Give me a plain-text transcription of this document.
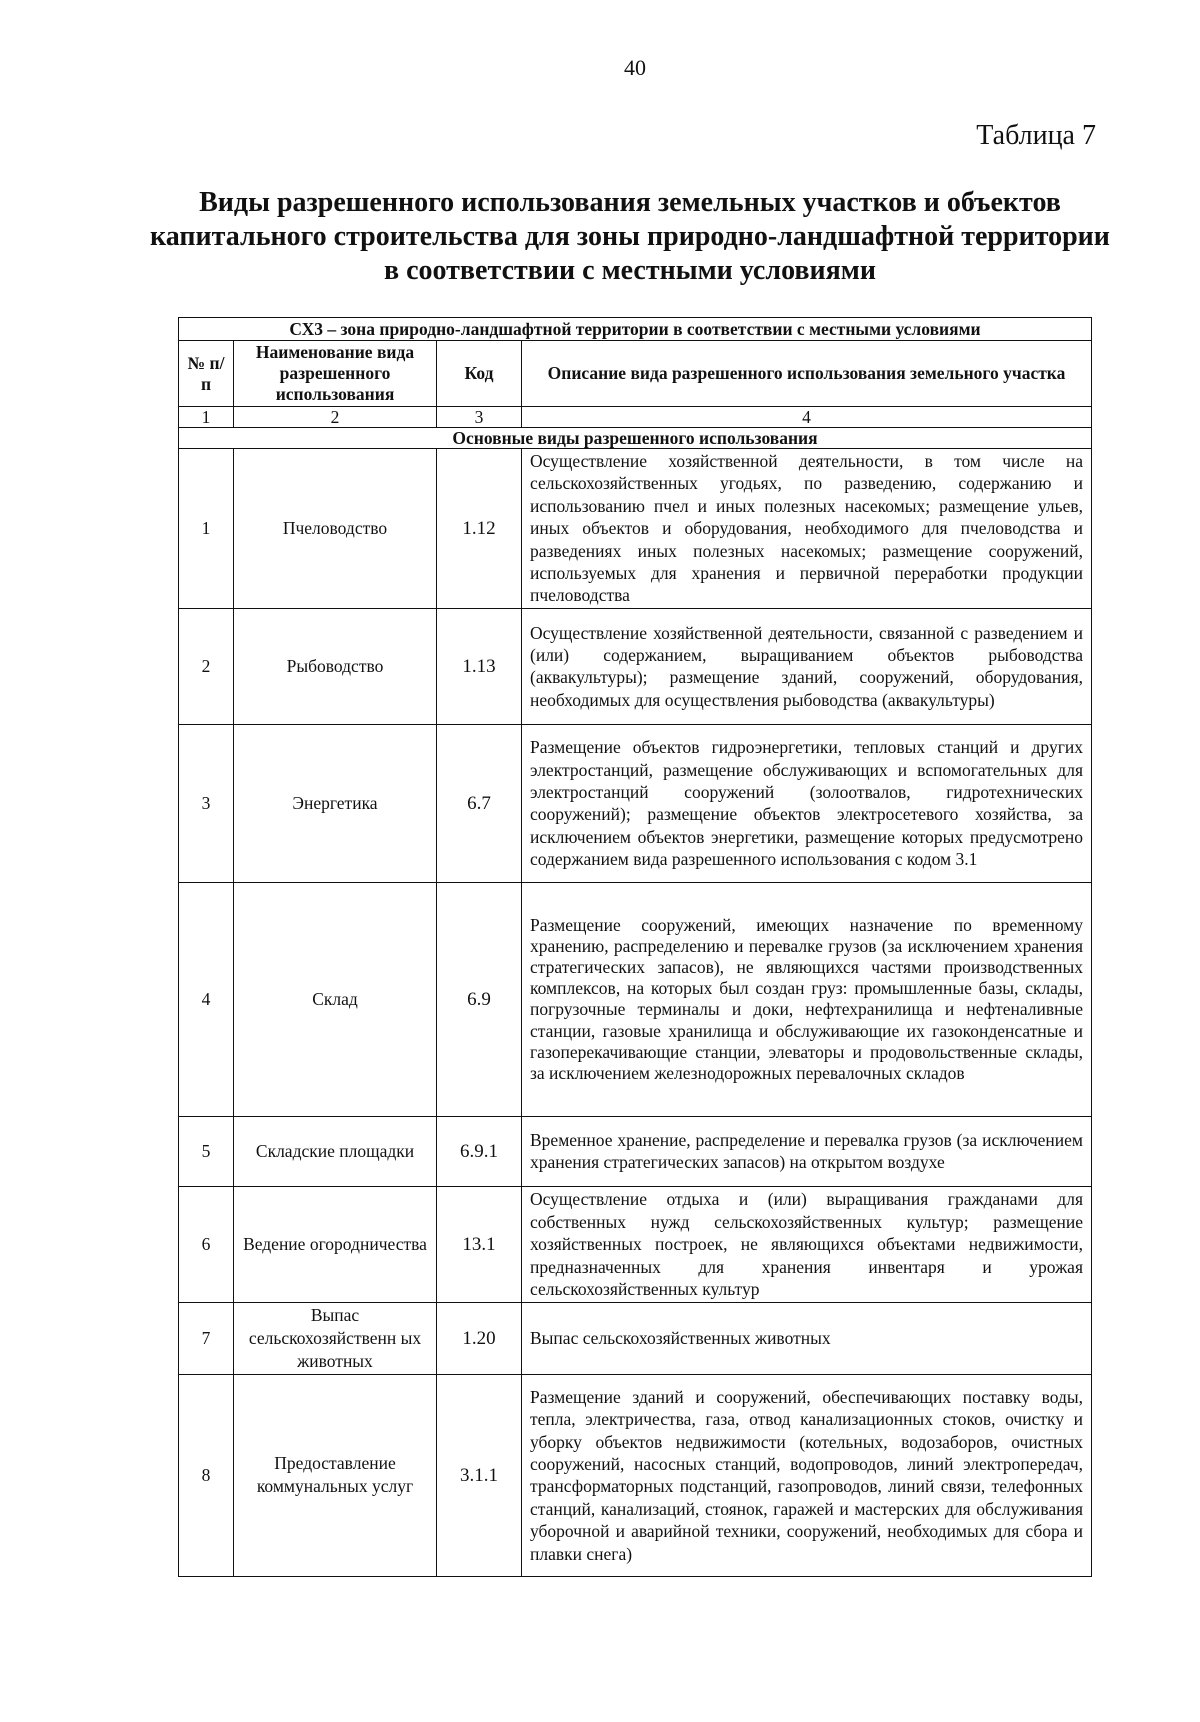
40
Таблица 7
Виды разрешенного использования земельных участков и объектов капитального строительства для зоны природно-ландшафтной территории в соответствии с местными условиями
СХ3 – зона природно-ландшафтной территории в соответствии с местными условиями			
№ п/п	Наименование вида разрешенного использования	Код	Описание вида разрешенного использования земельного участка
1	2	3	4
Основные виды разрешенного использования			
1	Пчеловодство	1.12	Осуществление хозяйственной деятельности, в том числе на сельскохозяйственных угодьях, по разведению, содержанию и использованию пчел и иных полезных насекомых; размещение ульев, иных объектов и оборудования, необходимого для пчеловодства и разведениях иных полезных насекомых; размещение сооружений, используемых для хранения и первичной переработки продукции пчеловодства
2	Рыбоводство	1.13	Осуществление хозяйственной деятельности, связанной с разведением и (или) содержанием, выращиванием объектов рыбоводства (аквакультуры); размещение зданий, сооружений, оборудования, необходимых для осуществления рыбоводства (аквакультуры)
3	Энергетика	6.7	Размещение объектов гидроэнергетики, тепловых станций и других электростанций, размещение обслуживающих и вспомогательных для электростанций сооружений (золоотвалов, гидротехнических сооружений); размещение объектов электросетевого хозяйства, за исключением объектов энергетики, размещение которых предусмотрено содержанием вида разрешенного использования с кодом 3.1
4	Склад	6.9	Размещение сооружений, имеющих назначение по временному хранению, распределению и перевалке грузов (за исключением хранения стратегических запасов), не являющихся частями производственных комплексов, на которых был создан груз: промышленные базы, склады, погрузочные терминалы и доки, нефтехранилища и нефтеналивные станции, газовые хранилища и обслуживающие их газоконденсатные и газоперекачивающие станции, элеваторы и продовольственные склады, за исключением железнодорожных перевалочных складов
5	Складские площадки	6.9.1	Временное хранение, распределение и перевалка грузов (за исключением хранения стратегических запасов) на открытом воздухе
6	Ведение огородничества	13.1	Осуществление отдыха и (или) выращивания гражданами для собственных нужд сельскохозяйственных культур; размещение хозяйственных построек, не являющихся объектами недвижимости, предназначенных для хранения инвентаря и урожая сельскохозяйственных культур
7	Выпас сельскохозяйственн ых животных	1.20	Выпас сельскохозяйственных животных
8	Предоставление коммунальных услуг	3.1.1	Размещение зданий и сооружений, обеспечивающих поставку воды, тепла, электричества, газа, отвод канализационных стоков, очистку и уборку объектов недвижимости (котельных, водозаборов, очистных сооружений, насосных станций, водопроводов, линий электропередач, трансформаторных подстанций, газопроводов, линий связи, телефонных станций, канализаций, стоянок, гаражей и мастерских для обслуживания уборочной и аварийной техники, сооружений, необходимых для сбора и плавки снега)
